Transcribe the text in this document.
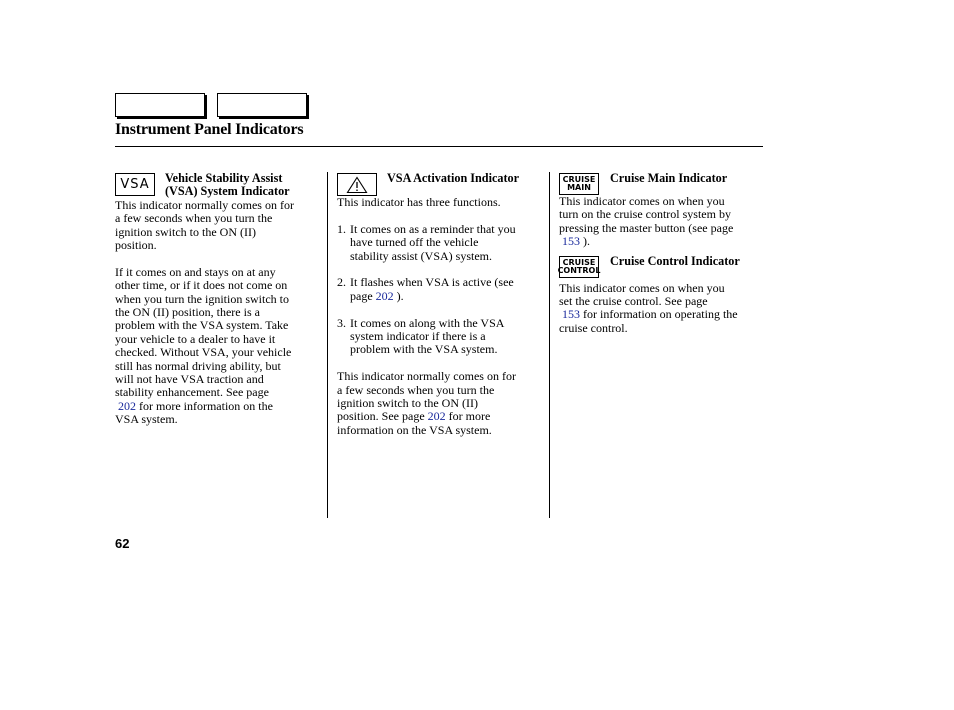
Instrument Panel Indicators
VSA	Vehicle Stability Assist
(VSA) System Indicator

This indicator normally comes on for
a few seconds when you turn the
ignition switch to the ON (II)
position.

If it comes on and stays on at any
other time, or if it does not come on
when you turn the ignition switch to
the ON (II) position, there is a
problem with the VSA system. Take
your vehicle to a dealer to have it
checked. Without VSA, your vehicle
still has normal driving ability, but
will not have VSA traction and
stability enhancement. See page
202 for more information on the
VSA system.

VSA Activation Indicator

This indicator has three functions.

1. It comes on as a reminder that you
have turned off the vehicle
stability assist (VSA) system.
2. It flashes when VSA is active (see
page 202 ).
3. It comes on along with the VSA
system indicator if there is a
problem with the VSA system.

This indicator normally comes on for
a few seconds when you turn the
ignition switch to the ON (II)
position. See page 202 for more
information on the VSA system.

CRUISE
MAIN
Cruise Main Indicator

This indicator comes on when you
turn on the cruise control system by
pressing the master button (see page
153 ).

CRUISE
CONTROL
Cruise Control Indicator

This indicator comes on when you
set the cruise control. See page
153 for information on operating the
cruise control.

62
